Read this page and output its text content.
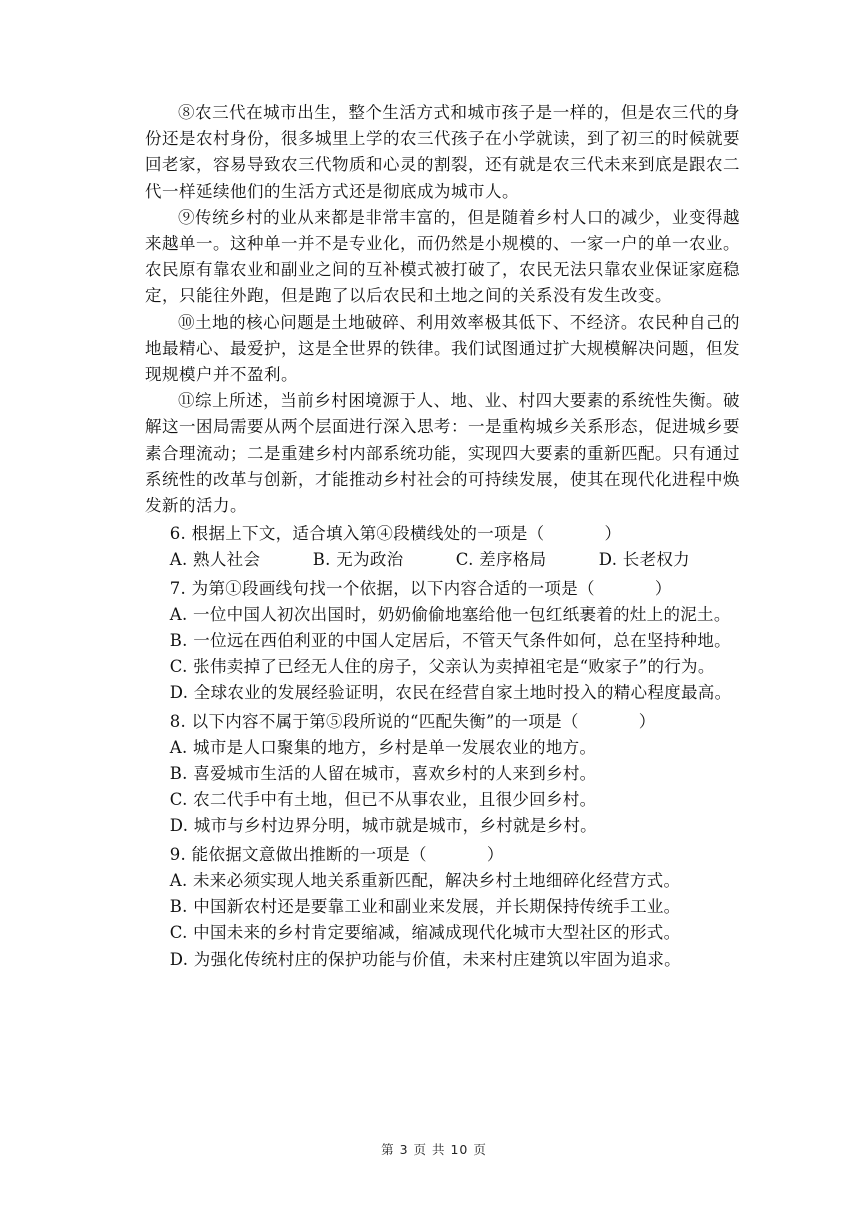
⑧农三代在城市出生，整个生活方式和城市孩子是一样的，但是农三代的身份还是农村身份，很多城里上学的农三代孩子在小学就读，到了初三的时候就要回老家，容易导致农三代物质和心灵的割裂，还有就是农三代未来到底是跟农二代一样延续他们的生活方式还是彻底成为城市人。

⑨传统乡村的业从来都是非常丰富的，但是随着乡村人口的减少，业变得越来越单一。这种单一并不是专业化，而仍然是小规模的、一家一户的单一农业。农民原有靠农业和副业之间的互补模式被打破了，农民无法只靠农业保证家庭稳定，只能往外跑，但是跑了以后农民和土地之间的关系没有发生改变。

⑩土地的核心问题是土地破碎、利用效率极其低下、不经济。农民种自己的地最精心、最爱护，这是全世界的铁律。我们试图通过扩大规模解决问题，但发现规模户并不盈利。

⑪综上所述，当前乡村困境源于人、地、业、村四大要素的系统性失衡。破解这一困局需要从两个层面进行深入思考：一是重构城乡关系形态，促进城乡要素合理流动；二是重建乡村内部系统功能，实现四大要素的重新匹配。只有通过系统性的改革与创新，才能推动乡村社会的可持续发展，使其在现代化进程中焕发新的活力。

6. 根据上下文，适合填入第④段横线处的一项是（	）

A. 熟人社会	B. 无为政治	C. 差序格局	D. 长老权力

7. 为第①段画线句找一个依据，以下内容合适的一项是（	）

A. 一位中国人初次出国时，奶奶偷偷地塞给他一包红纸裹着的灶上的泥土。

B. 一位远在西伯利亚的中国人定居后，不管天气条件如何，总在坚持种地。

C. 张伟卖掉了已经无人住的房子，父亲认为卖掉祖宅是“败家子”的行为。

D. 全球农业的发展经验证明，农民在经营自家土地时投入的精心程度最高。

8. 以下内容不属于第⑤段所说的“匹配失衡”的一项是（	）

A. 城市是人口聚集的地方，乡村是单一发展农业的地方。

B. 喜爱城市生活的人留在城市，喜欢乡村的人来到乡村。

C. 农二代手中有土地，但已不从事农业，且很少回乡村。

D. 城市与乡村边界分明，城市就是城市，乡村就是乡村。

9. 能依据文意做出推断的一项是（	）

A. 未来必须实现人地关系重新匹配，解决乡村土地细碎化经营方式。

B. 中国新农村还是要靠工业和副业来发展，并长期保持传统手工业。

C. 中国未来的乡村肯定要缩减，缩减成现代化城市大型社区的形式。

D. 为强化传统村庄的保护功能与价值，未来村庄建筑以牢固为追求。

第 3 页 共 10 页
